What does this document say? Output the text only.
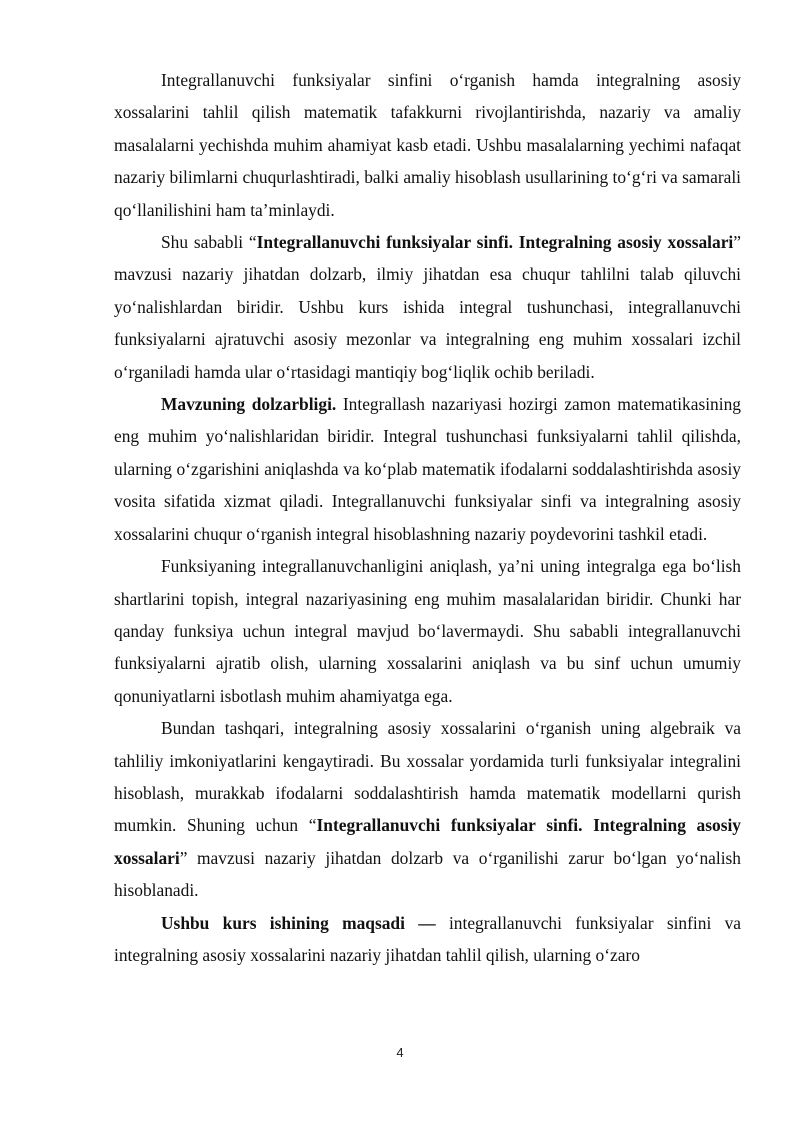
Integrallanuvchi funksiyalar sinfini o‘rganish hamda integralning asosiy xossalarini tahlil qilish matematik tafakkurni rivojlantirishda, nazariy va amaliy masalalarni yechishda muhim ahamiyat kasb etadi. Ushbu masalalarning yechimi nafaqat nazariy bilimlarni chuqurlashtiradi, balki amaliy hisoblash usullarining to‘g‘ri va samarali qo‘llanilishini ham ta’minlaydi.

Shu sababli “Integrallanuvchi funksiyalar sinfi. Integralning asosiy xossalari” mavzusi nazariy jihatdan dolzarb, ilmiy jihatdan esa chuqur tahlilni talab qiluvchi yo‘nalishlardan biridir. Ushbu kurs ishida integral tushunchasi, integrallanuvchi funksiyalarni ajratuvchi asosiy mezonlar va integralning eng muhim xossalari izchil o‘rganiladi hamda ular o‘rtasidagi mantiqiy bog‘liqlik ochib beriladi.

Mavzuning dolzarbligi. Integrallash nazariyasi hozirgi zamon matematikasining eng muhim yo‘nalishlaridan biridir. Integral tushunchasi funksiyalarni tahlil qilishda, ularning o‘zgarishini aniqlashda va ko‘plab matematik ifodalarni soddalashtirishda asosiy vosita sifatida xizmat qiladi. Integrallanuvchi funksiyalar sinfi va integralning asosiy xossalarini chuqur o‘rganish integral hisoblashning nazariy poydevorini tashkil etadi.

Funksiyaning integrallanuvchanligini aniqlash, ya’ni uning integralga ega bo‘lish shartlarini topish, integral nazariyasining eng muhim masalalaridan biridir. Chunki har qanday funksiya uchun integral mavjud bo‘lavermaydi. Shu sababli integrallanuvchi funksiyalarni ajratib olish, ularning xossalarini aniqlash va bu sinf uchun umumiy qonuniyatlarni isbotlash muhim ahamiyatga ega.

Bundan tashqari, integralning asosiy xossalarini o‘rganish uning algebraik va tahliliy imkoniyatlarini kengaytiradi. Bu xossalar yordamida turli funksiyalar integralini hisoblash, murakkab ifodalarni soddalashtirish hamda matematik modellarni qurish mumkin. Shuning uchun “Integrallanuvchi funksiyalar sinfi. Integralning asosiy xossalari” mavzusi nazariy jihatdan dolzarb va o‘rganilishi zarur bo‘lgan yo‘nalish hisoblanadi.

Ushbu kurs ishining maqsadi — integrallanuvchi funksiyalar sinfini va integralning asosiy xossalarini nazariy jihatdan tahlil qilish, ularning o‘zaro

4
